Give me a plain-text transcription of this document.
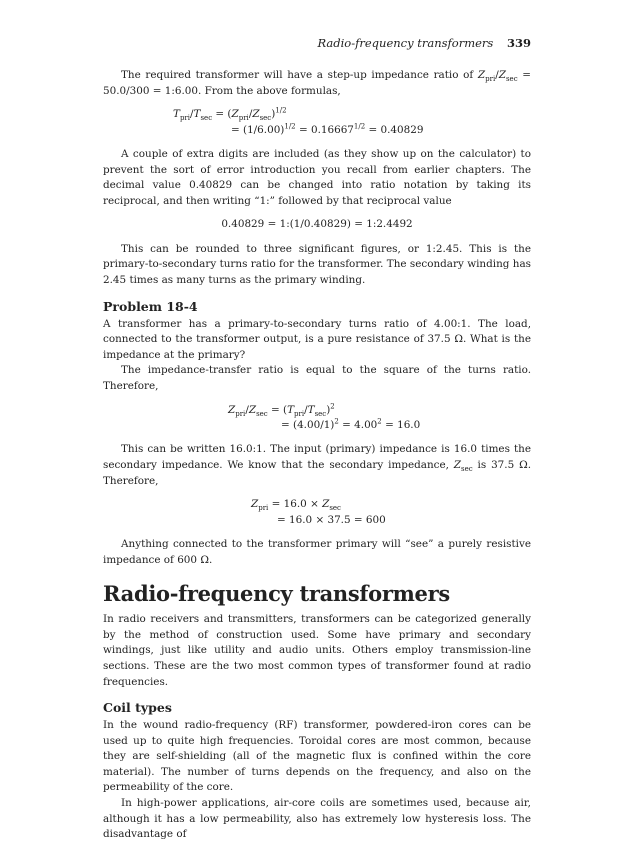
Radio-frequency transformers 339

The required transformer will have a step-up impedance ratio of $Z_{pri}/Z_{sec} = 50.0/300$ = 1:6.00. From the above formulas,

$T_{pri}/T_{sec} = (Z_{pri}/Z_{sec})^{1/2}$
= $(1/6.00)^{1/2} = 0.16667^{1/2} = 0.40829$

A couple of extra digits are included (as they show up on the calculator) to prevent the sort of error introduction you recall from earlier chapters. The decimal value 0.40829 can be changed into ratio notation by taking its reciprocal, and then writing “1:” followed by that reciprocal value

0.40829 = 1:(1/0.40829) = 1:2.4492

This can be rounded to three significant figures, or 1:2.45. This is the primary-to-secondary turns ratio for the transformer. The secondary winding has 2.45 times as many turns as the primary winding.

Problem 18-4

A transformer has a primary-to-secondary turns ratio of 4.00:1. The load, connected to the transformer output, is a pure resistance of 37.5 Ω. What is the impedance at the primary?

The impedance-transfer ratio is equal to the square of the turns ratio. Therefore,

$Z_{pri}/Z_{sec} = (T_{pri}/T_{sec})^2$
= $(4.00/1)^2 = 4.00^2 = 16.0$

This can be written 16.0:1. The input (primary) impedance is 16.0 times the secondary impedance. We know that the secondary impedance, $Z_{sec}$ is 37.5 Ω. Therefore,

$Z_{pri} = 16.0 \times Z_{sec}$
= 16.0 × 37.5 = 600

Anything connected to the transformer primary will “see” a purely resistive impedance of 600 Ω.

Radio-frequency transformers

In radio receivers and transmitters, transformers can be categorized generally by the method of construction used. Some have primary and secondary windings, just like utility and audio units. Others employ transmission-line sections. These are the two most common types of transformer found at radio frequencies.

Coil types

In the wound radio-frequency (RF) transformer, powdered-iron cores can be used up to quite high frequencies. Toroidal cores are most common, because they are self-shielding (all of the magnetic flux is confined within the core material). The number of turns depends on the frequency, and also on the permeability of the core.

In high-power applications, air-core coils are sometimes used, because air, although it has a low permeability, also has extremely low hysteresis loss. The disadvantage of
